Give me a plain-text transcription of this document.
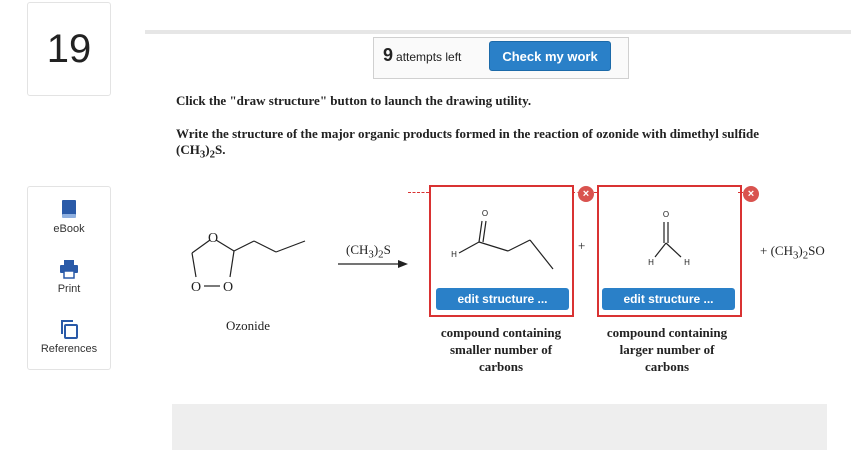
19
eBook
Print
References
9 attempts left	Check my work
Click the "draw structure" button to launch the drawing utility.
Write the structure of the major organic products formed in the reaction of ozonide with dimethyl sulfide
$(CH_3)_2S$.
O
O O
Ozonide
$(CH_3)_2S$
×
H
O
edit structure ...
compound containing
smaller number of
carbons
+
×
H	H
O
edit structure ...
compound containing
larger number of
carbons
+ $(CH_3)_2SO$
